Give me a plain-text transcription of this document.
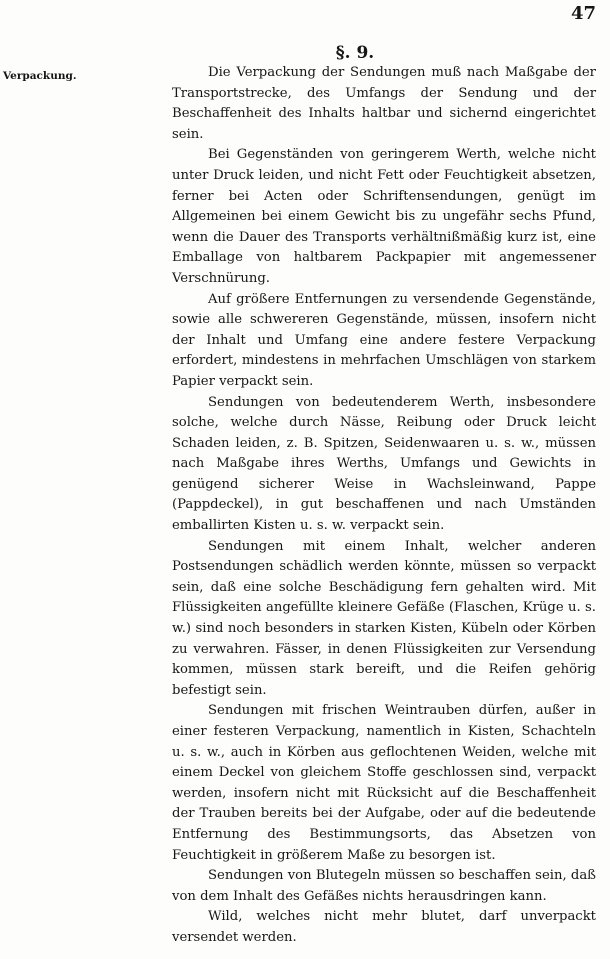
47
§. 9.
Verpackung.	Die Verpackung der Sendungen muß nach Maßgabe der Transportstrecke, des Umfangs der Sendung und der Beschaffenheit des Inhalts haltbar und sichernd eingerichtet sein.

Bei Gegenständen von geringerem Werth, welche nicht unter Druck leiden, und nicht Fett oder Feuchtigkeit absetzen, ferner bei Acten oder Schriftensendungen, genügt im Allgemeinen bei einem Gewicht bis zu ungefähr sechs Pfund, wenn die Dauer des Transports verhältnißmäßig kurz ist, eine Emballage von haltbarem Packpapier mit angemessener Verschnürung.

Auf größere Entfernungen zu versendende Gegenstände, sowie alle schwereren Gegenstände, müssen, insofern nicht der Inhalt und Umfang eine andere festere Verpackung erfordert, mindestens in mehrfachen Umschlägen von starkem Papier verpackt sein.

Sendungen von bedeutenderem Werth, insbesondere solche, welche durch Nässe, Reibung oder Druck leicht Schaden leiden, z. B. Spitzen, Seidenwaaren u. s. w., müssen nach Maßgabe ihres Werths, Umfangs und Gewichts in genügend sicherer Weise in Wachsleinwand, Pappe (Pappdeckel), in gut beschaffenen und nach Umständen emballirten Kisten u. s. w. verpackt sein.

Sendungen mit einem Inhalt, welcher anderen Postsendungen schädlich werden könnte, müssen so verpackt sein, daß eine solche Beschädigung fern gehalten wird. Mit Flüssigkeiten angefüllte kleinere Gefäße (Flaschen, Krüge u. s. w.) sind noch besonders in starken Kisten, Kübeln oder Körben zu verwahren. Fässer, in denen Flüssigkeiten zur Versendung kommen, müssen stark bereift, und die Reifen gehörig befestigt sein.

Sendungen mit frischen Weintrauben dürfen, außer in einer festeren Verpackung, namentlich in Kisten, Schachteln u. s. w., auch in Körben aus geflochtenen Weiden, welche mit einem Deckel von gleichem Stoffe geschlossen sind, verpackt werden, insofern nicht mit Rücksicht auf die Beschaffenheit der Trauben bereits bei der Aufgabe, oder auf die bedeutende Entfernung des Bestimmungsorts, das Absetzen von Feuchtigkeit in größerem Maße zu besorgen ist.

Sendungen von Blutegeln müssen so beschaffen sein, daß von dem Inhalt des Gefäßes nichts herausdringen kann.

Wild, welches nicht mehr blutet, darf unverpackt versendet werden.
